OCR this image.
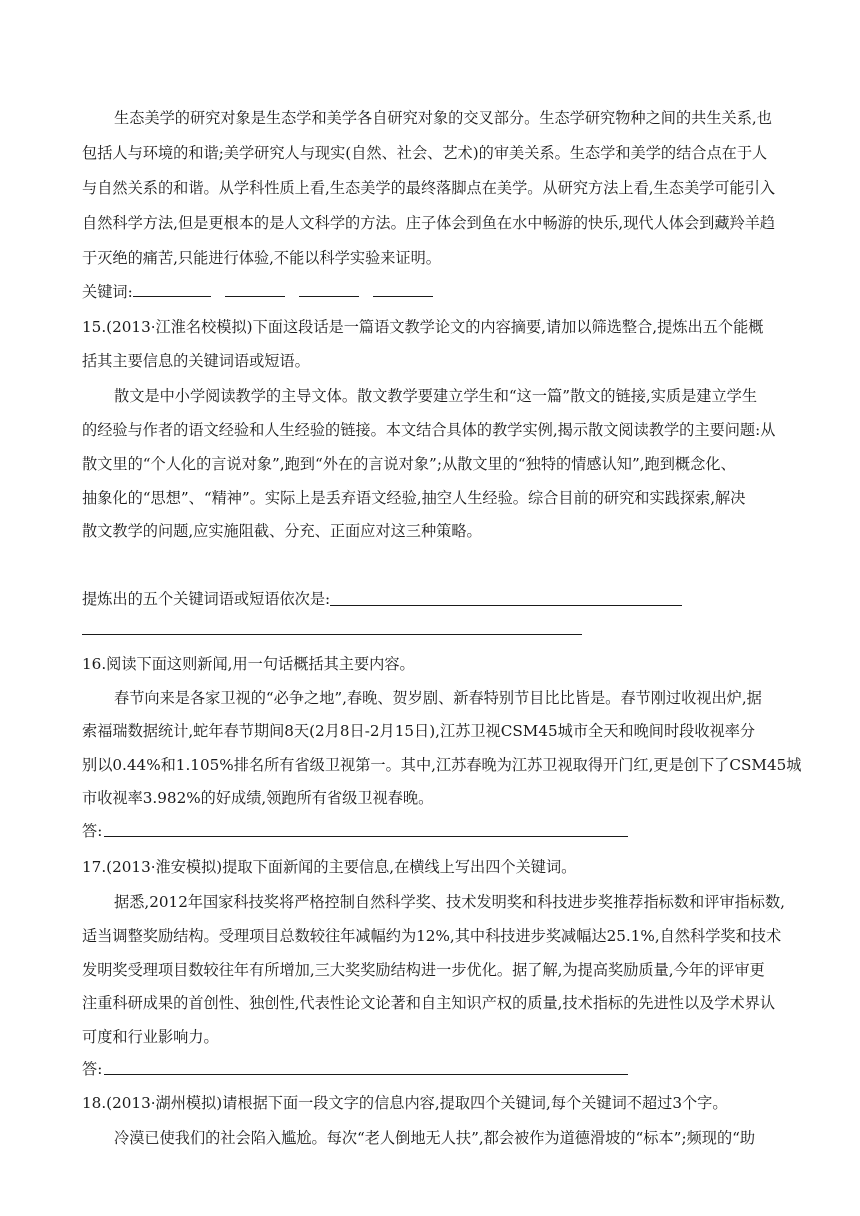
生态美学的研究对象是生态学和美学各自研究对象的交叉部分。生态学研究物种之间的共生关系,也
包括人与环境的和谐;美学研究人与现实(自然、社会、艺术)的审美关系。生态学和美学的结合点在于人
与自然关系的和谐。从学科性质上看,生态美学的最终落脚点在美学。从研究方法上看,生态美学可能引入
自然科学方法,但是更根本的是人文科学的方法。庄子体会到鱼在水中畅游的快乐,现代人体会到藏羚羊趋
于灭绝的痛苦,只能进行体验,不能以科学实验来证明。
关键词:
15.(2013·江淮名校模拟)下面这段话是一篇语文教学论文的内容摘要,请加以筛选整合,提炼出五个能概
括其主要信息的关键词语或短语。
散文是中小学阅读教学的主导文体。散文教学要建立学生和“这一篇”散文的链接,实质是建立学生
的经验与作者的语文经验和人生经验的链接。本文结合具体的教学实例,揭示散文阅读教学的主要问题:从
散文里的“个人化的言说对象”,跑到“外在的言说对象”;从散文里的“独特的情感认知”,跑到概念化、
抽象化的“思想”、“精神”。实际上是丢弃语文经验,抽空人生经验。综合目前的研究和实践探索,解决
散文教学的问题,应实施阻截、分充、正面应对这三种策略。
提炼出的五个关键词语或短语依次是:
16.阅读下面这则新闻,用一句话概括其主要内容。
春节向来是各家卫视的“必争之地”,春晚、贺岁剧、新春特别节目比比皆是。春节刚过收视出炉,据
索福瑞数据统计,蛇年春节期间8天(2月8日-2月15日),江苏卫视CSM45城市全天和晚间时段收视率分
别以0.44%和1.105%排名所有省级卫视第一。其中,江苏春晚为江苏卫视取得开门红,更是创下了CSM45城
市收视率3.982%的好成绩,领跑所有省级卫视春晚。
答:
17.(2013·淮安模拟)提取下面新闻的主要信息,在横线上写出四个关键词。
据悉,2012年国家科技奖将严格控制自然科学奖、技术发明奖和科技进步奖推荐指标数和评审指标数,
适当调整奖励结构。受理项目总数较往年减幅约为12%,其中科技进步奖减幅达25.1%,自然科学奖和技术
发明奖受理项目数较往年有所增加,三大奖奖励结构进一步优化。据了解,为提高奖励质量,今年的评审更
注重科研成果的首创性、独创性,代表性论文论著和自主知识产权的质量,技术指标的先进性以及学术界认
可度和行业影响力。
答:
18.(2013·湖州模拟)请根据下面一段文字的信息内容,提取四个关键词,每个关键词不超过3个字。
冷漠已使我们的社会陷入尴尬。每次“老人倒地无人扶”,都会被作为道德滑坡的“标本”;频现的“助
